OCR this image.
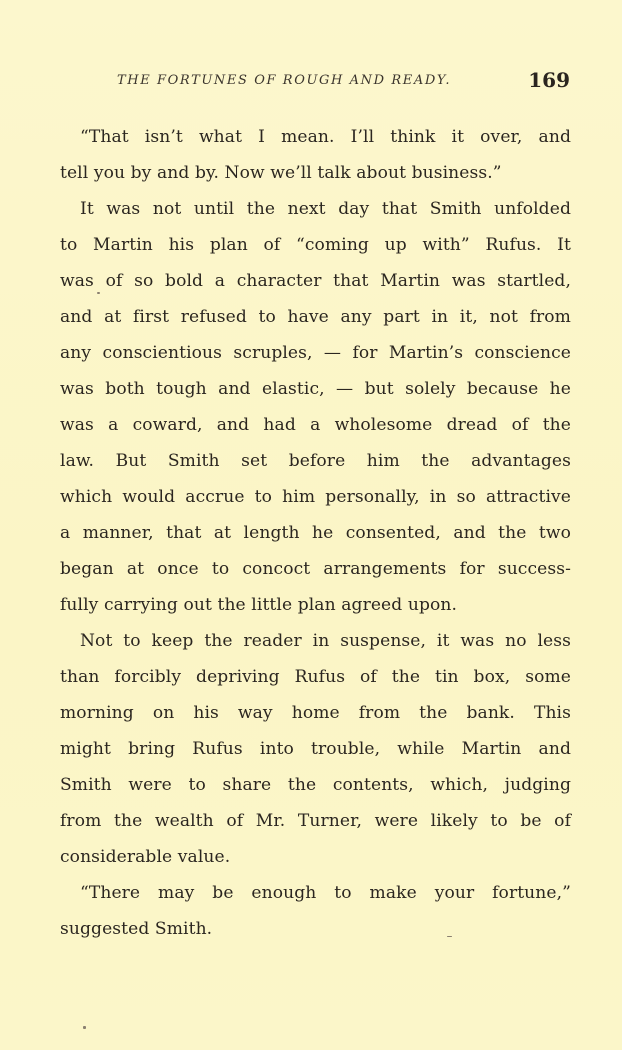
THE FORTUNES OF ROUGH AND READY.	169
“That isn’t what I mean. I’ll think it over, and
tell you by and by. Now we’ll talk about business.”
It was not until the next day that Smith unfolded
to Martin his plan of “coming up with” Rufus. It
was of so bold a character that Martin was startled,
and at first refused to have any part in it, not from
any conscientious scruples, — for Martin’s conscience
was both tough and elastic, — but solely because he
was a coward, and had a wholesome dread of the
law. But Smith set before him the advantages
which would accrue to him personally, in so attractive
a manner, that at length he consented, and the two
began at once to concoct arrangements for success-
fully carrying out the little plan agreed upon.
Not to keep the reader in suspense, it was no less
than forcibly depriving Rufus of the tin box, some
morning on his way home from the bank. This
might bring Rufus into trouble, while Martin and
Smith were to share the contents, which, judging
from the wealth of Mr. Turner, were likely to be of
considerable value.
“There may be enough to make your fortune,”
suggested Smith.
